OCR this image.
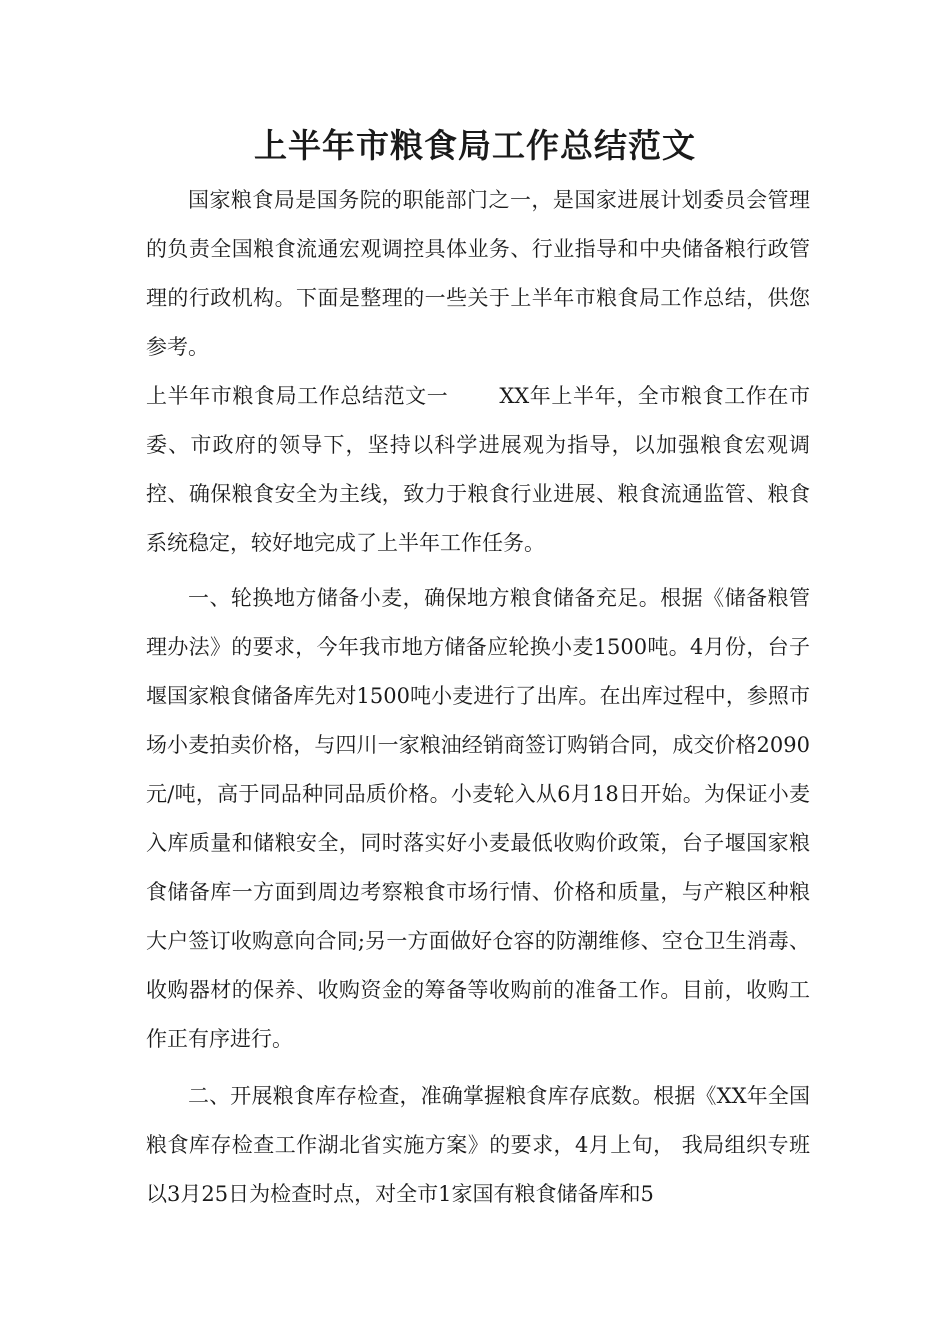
上半年市粮食局工作总结范文

国家粮食局是国务院的职能部门之一，是国家进展计划委员会管理的负责全国粮食流通宏观调控具体业务、行业指导和中央储备粮行政管理的行政机构。下面是整理的一些关于上半年市粮食局工作总结，供您参考。

上半年市粮食局工作总结范文一 XX年上半年，全市粮食工作在市委、市政府的领导下，坚持以科学进展观为指导，以加强粮食宏观调控、确保粮食安全为主线，致力于粮食行业进展、粮食流通监管、粮食系统稳定，较好地完成了上半年工作任务。

一、轮换地方储备小麦，确保地方粮食储备充足。根据《储备粮管理办法》的要求，今年我市地方储备应轮换小麦1500吨。4月份，台子堰国家粮食储备库先对1500吨小麦进行了出库。在出库过程中，参照市场小麦拍卖价格，与四川一家粮油经销商签订购销合同，成交价格2090元/吨，高于同品种同品质价格。小麦轮入从6月18日开始。为保证小麦入库质量和储粮安全，同时落实好小麦最低收购价政策，台子堰国家粮食储备库一方面到周边考察粮食市场行情、价格和质量，与产粮区种粮大户签订收购意向合同;另一方面做好仓容的防潮维修、空仓卫生消毒、收购器材的保养、收购资金的筹备等收购前的准备工作。目前，收购工作正有序进行。

二、开展粮食库存检查，准确掌握粮食库存底数。根据《XX年全国粮食库存检查工作湖北省实施方案》的要求，4月上旬， 我局组织专班以3月25日为检查时点，对全市1家国有粮食储备库和5
